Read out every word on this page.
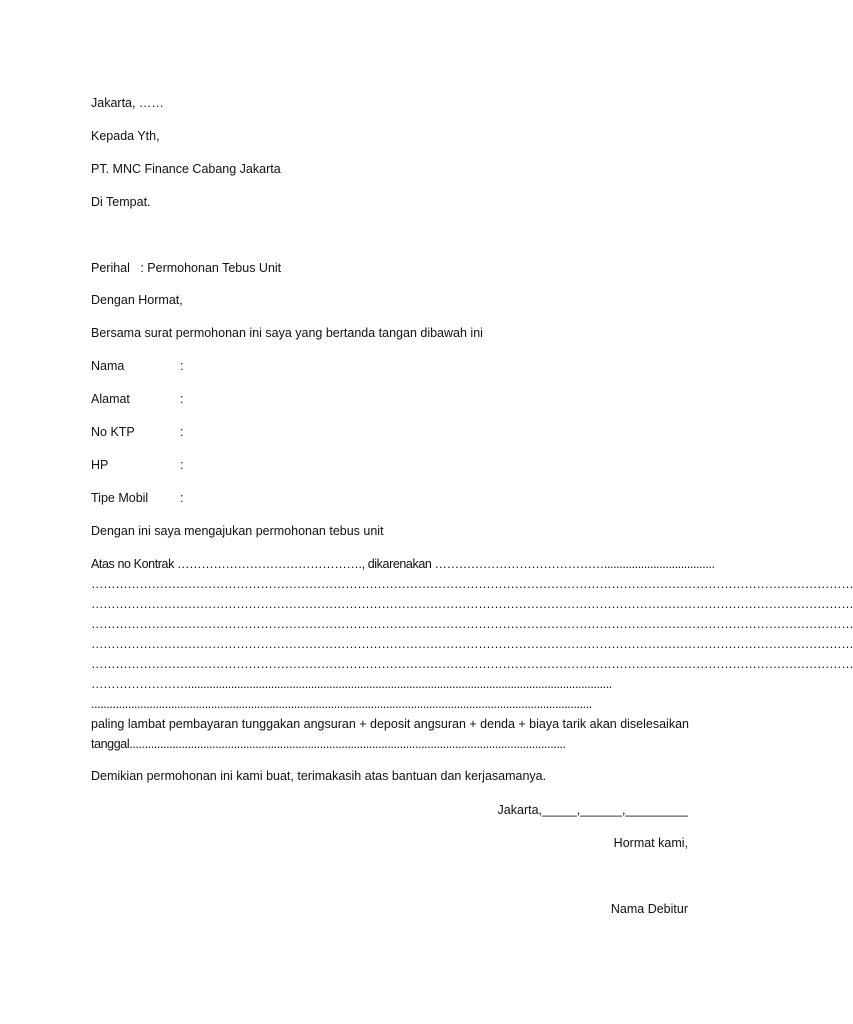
Jakarta, ……
Kepada Yth,
PT. MNC Finance Cabang Jakarta
Di Tempat.
Perihal   : Permohonan Tebus Unit
Dengan Hormat,
Bersama surat permohonan ini saya yang bertanda tangan dibawah ini
Nama	:
Alamat	:
No KTP	:
HP	:
Tipe Mobil	:
Dengan ini saya mengajukan permohonan tebus unit
Atas no Kontrak ………………………………………., dikarenakan ……………………………………....................................
………………………………………………………………………………………………………………………………………………………………………
………………………………………………………………………………………………………………………………………………………………………
………………………………………………………………………………………………………………………………………………………………………
………………………………………………………………………………………………………………………………………………………………………
………………………………………………………………………………………………………………………………………………………………………
……………………..........................................................................................................................................
...................................................................................................................................................................
paling lambat pembayaran tunggakan angsuran + deposit angsuran + denda + biaya tarik akan diselesaikan
tanggal..............................................................................................................................................
Demikian permohonan ini kami buat, terimakasih atas bantuan dan kerjasamanya.
Jakarta,_____,______,_________
Hormat kami,
Nama Debitur
